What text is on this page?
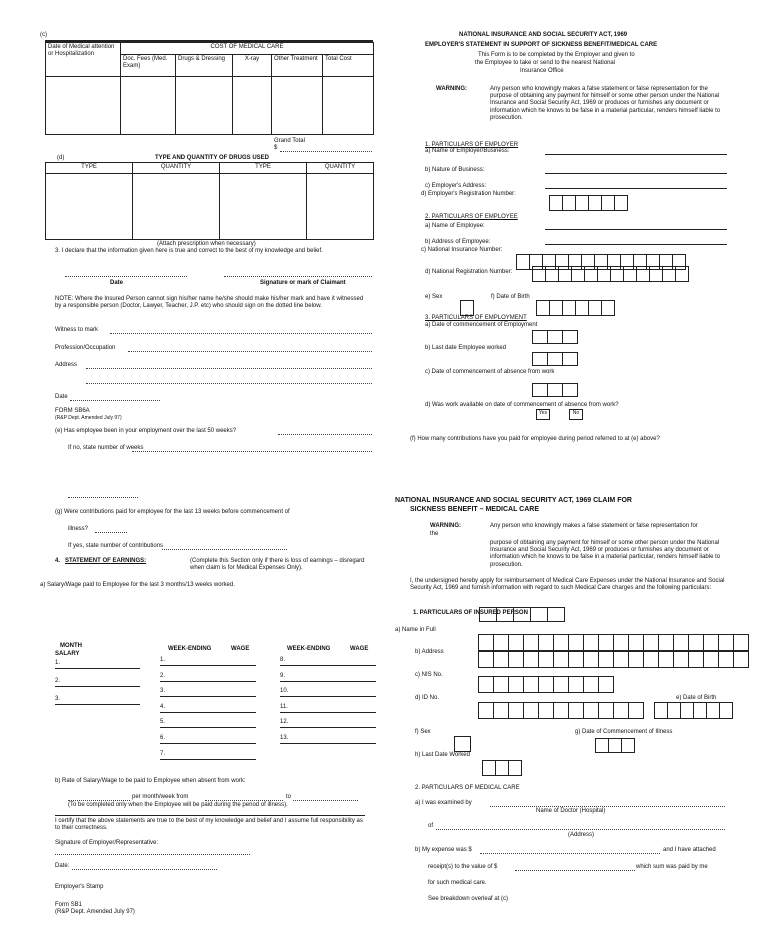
(c)
Date of Medical attention or Hospitalization	COST OF MEDICAL CARE				
	Doc. Fees (Med. Exam)	Drugs & Dressing	X-ray	Other Treatment	Total Cost

Grand Total
$
(d)	TYPE AND QUANTITY OF DRUGS USED
TYPE	QUANTITY	TYPE	QUANTITY

(Attach prescription when necessary)
3. I declare that the information given here is true and correct to the best of my knowledge and belief.
Date	Signature or mark of Claimant
NOTE: Where the Insured Person cannot sign his/her name he/she should make his/her mark and have it witnessed by a responsible person (Doctor, Lawyer, Teacher, J.P. etc) who should sign on the dotted line below.
Witness to mark
Profession/Occupation
Address
Date
FORM SB6A
(R&P Dept. Amended July 97)
(e) Has employee been in your employment over the last 50 weeks?
If no, state number of weeks
(g) Were contributions paid for employee for the last 13 weeks before commencement of
illness?
If yes, state number of contributions
4. STATEMENT OF EARNINGS:	(Complete this Section only if there is loss of earnings – disregard when claim is for Medical Expenses Only).
a) Salary/Wage paid to Employee for the last 3 months/13 weeks worked.
MONTH
SALARY
WEEK-ENDING	WAGE	WEEK-ENDING	WAGE
1.
2.
3.
1.
2.
3.
4.
5.
6.
7.
8.
9.
10.
11.
12.
13.
b) Rate of Salary/Wage to be paid to Employee when absent from work:
per month/week from	to
(To be completed only when the Employee will be paid during the period of illness).
I certify that the above statements are true to the best of my knowledge and belief and I assume full responsibility as to their correctness.
Signature of Employer/Representative:
Date:
Employer's Stamp
Form SB1
(R&P Dept. Amended July 97)
NATIONAL INSURANCE AND SOCIAL SECURITY ACT, 1969
EMPLOYER'S STATEMENT IN SUPPORT OF SICKNESS BENEFIT/MEDICAL CARE
This Form is to be completed by the Employer and given to
the Employee to take or send to the nearest National
Insurance Office
WARNING:	Any person who knowingly makes a false statement or false representation for the purpose of obtaining any payment for himself or some other person under the National Insurance and Social Security Act, 1969 or produces or furnishes any document or information which he knows to be false in a material particular, renders himself liable to prosecution.
1. PARTICULARS OF EMPLOYER
a) Name of Employer/Business:
b) Nature of Business:
c) Employer's Address:
d) Employer's Registration Number:
2. PARTICULARS OF EMPLOYEE
a) Name of Employee:
b) Address of Employee:
c) National Insurance Number:
d) National Registration Number:
e) Sex	f) Date of Birth
3. PARTICULARS OF EMPLOYMENT
a) Date of commencement of Employment
b) Last date Employee worked
c) Date of commencement of absence from work
d) Was work available on date of commencement of absence from work?
Yes	No
(f) How many contributions have you paid for employee during period referred to at (e) above?
NATIONAL INSURANCE AND SOCIAL SECURITY ACT, 1969 CLAIM FOR
SICKNESS BENEFIT – MEDICAL CARE
WARNING:	Any person who knowingly makes a false statement or false representation for
the
purpose of obtaining any payment for himself or some other person under the National Insurance and Social Security Act, 1969 or produces or furnishes any document or information which he knows to be false in a material particular, renders himself liable to prosecution.
I, the undersigned hereby apply for reimbursement of Medical Care Expenses under the National Insurance and Social Security Act, 1969 and furnish information with regard to such Medical Care charges and the following particulars:
1. PARTICULARS OF INSURED PERSON
a) Name in Full
b) Address
c) NIS No.
d) ID No.	e) Date of Birth
f) Sex	g) Date of Commencement of Illness
h) Last Date Worked
2. PARTICULARS OF MEDICAL CARE
a) I was examined by
Name of Doctor (Hospital)
of
(Address)
b) My expense was $	and I have attached
receipt(s) to the value of $	which sum was paid by me
for such medical care.
See breakdown overleaf at (c)
